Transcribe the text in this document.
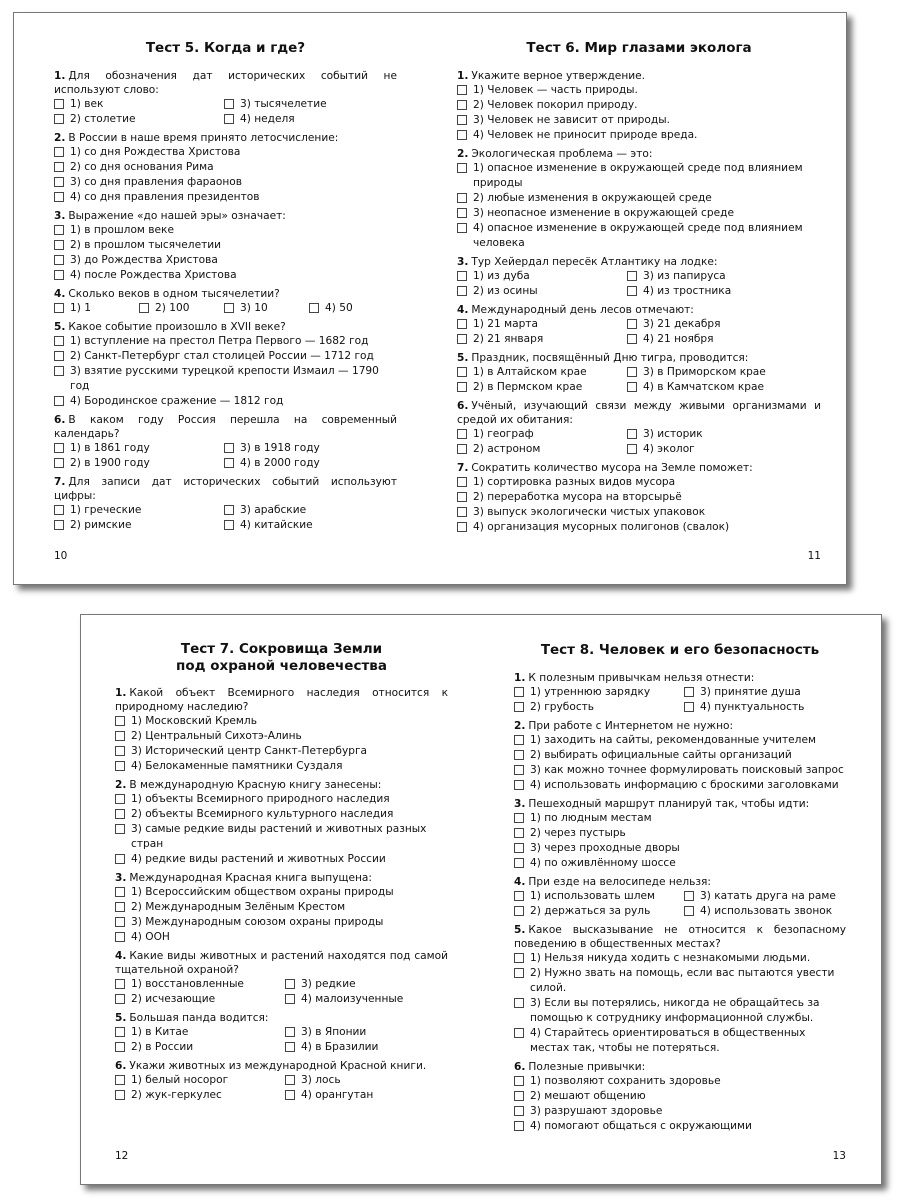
Тест 5. Когда и где?
1. Для обозначения дат исторических событий не используют слово:
1) век	3) тысячелетие
2) столетие	4) неделя
2. В России в наше время принято летосчисление:
1) со дня Рождества Христова
2) со дня основания Рима
3) со дня правления фараонов
4) со дня правления президентов
3. Выражение «до нашей эры» означает:
1) в прошлом веке
2) в прошлом тысячелетии
3) до Рождества Христова
4) после Рождества Христова
4. Сколько веков в одном тысячелетии?
1) 1	2) 100	3) 10	4) 50
5. Какое событие произошло в XVII веке?
1) вступление на престол Петра Первого — 1682 год
2) Санкт-Петербург стал столицей России — 1712 год
3) взятие русскими турецкой крепости Измаил — 1790 год
4) Бородинское сражение — 1812 год
6. В каком году Россия перешла на современный календарь?
1) в 1861 году	3) в 1918 году
2) в 1900 году	4) в 2000 году
7. Для записи дат исторических событий используют цифры:
1) греческие	3) арабские
2) римские	4) китайские
10
Тест 6. Мир глазами эколога
1. Укажите верное утверждение.
1) Человек — часть природы.
2) Человек покорил природу.
3) Человек не зависит от природы.
4) Человек не приносит природе вреда.
2. Экологическая проблема — это:
1) опасное изменение в окружающей среде под влиянием природы
2) любые изменения в окружающей среде
3) неопасное изменение в окружающей среде
4) опасное изменение в окружающей среде под влиянием человека
3. Тур Хейердал пересёк Атлантику на лодке:
1) из дуба	3) из папируса
2) из осины	4) из тростника
4. Международный день лесов отмечают:
1) 21 марта	3) 21 декабря
2) 21 января	4) 21 ноября
5. Праздник, посвящённый Дню тигра, проводится:
1) в Алтайском крае	3) в Приморском крае
2) в Пермском крае	4) в Камчатском крае
6. Учёный, изучающий связи между живыми организмами и средой их обитания:
1) географ	3) историк
2) астроном	4) эколог
7. Сократить количество мусора на Земле поможет:
1) сортировка разных видов мусора
2) переработка мусора на вторсырьё
3) выпуск экологически чистых упаковок
4) организация мусорных полигонов (свалок)
11
Тест 7. Сокровища Земли
под охраной человечества
1. Какой объект Всемирного наследия относится к природному наследию?
1) Московский Кремль
2) Центральный Сихотэ-Алинь
3) Исторический центр Санкт-Петербурга
4) Белокаменные памятники Суздаля
2. В международную Красную книгу занесены:
1) объекты Всемирного природного наследия
2) объекты Всемирного культурного наследия
3) самые редкие виды растений и животных разных стран
4) редкие виды растений и животных России
3. Международная Красная книга выпущена:
1) Всероссийским обществом охраны природы
2) Международным Зелёным Крестом
3) Международным союзом охраны природы
4) ООН
4. Какие виды животных и растений находятся под самой тщательной охраной?
1) восстановленные	3) редкие
2) исчезающие	4) малоизученные
5. Большая панда водится:
1) в Китае	3) в Японии
2) в России	4) в Бразилии
6. Укажи животных из международной Красной книги.
1) белый носорог	3) лось
2) жук-геркулес	4) орангутан
12
Тест 8. Человек и его безопасность
1. К полезным привычкам нельзя отнести:
1) утреннюю зарядку	3) принятие душа
2) грубость	4) пунктуальность
2. При работе с Интернетом не нужно:
1) заходить на сайты, рекомендованные учителем
2) выбирать официальные сайты организаций
3) как можно точнее формулировать поисковый запрос
4) использовать информацию с броскими заголовками
3. Пешеходный маршрут планируй так, чтобы идти:
1) по людным местам
2) через пустырь
3) через проходные дворы
4) по оживлённому шоссе
4. При езде на велосипеде нельзя:
1) использовать шлем	3) катать друга на раме
2) держаться за руль	4) использовать звонок
5. Какое высказывание не относится к безопасному поведению в общественных местах?
1) Нельзя никуда ходить с незнакомыми людьми.
2) Нужно звать на помощь, если вас пытаются увести силой.
3) Если вы потерялись, никогда не обращайтесь за помощью к сотруднику информационной службы.
4) Старайтесь ориентироваться в общественных местах так, чтобы не потеряться.
6. Полезные привычки:
1) позволяют сохранить здоровье
2) мешают общению
3) разрушают здоровье
4) помогают общаться с окружающими
13
